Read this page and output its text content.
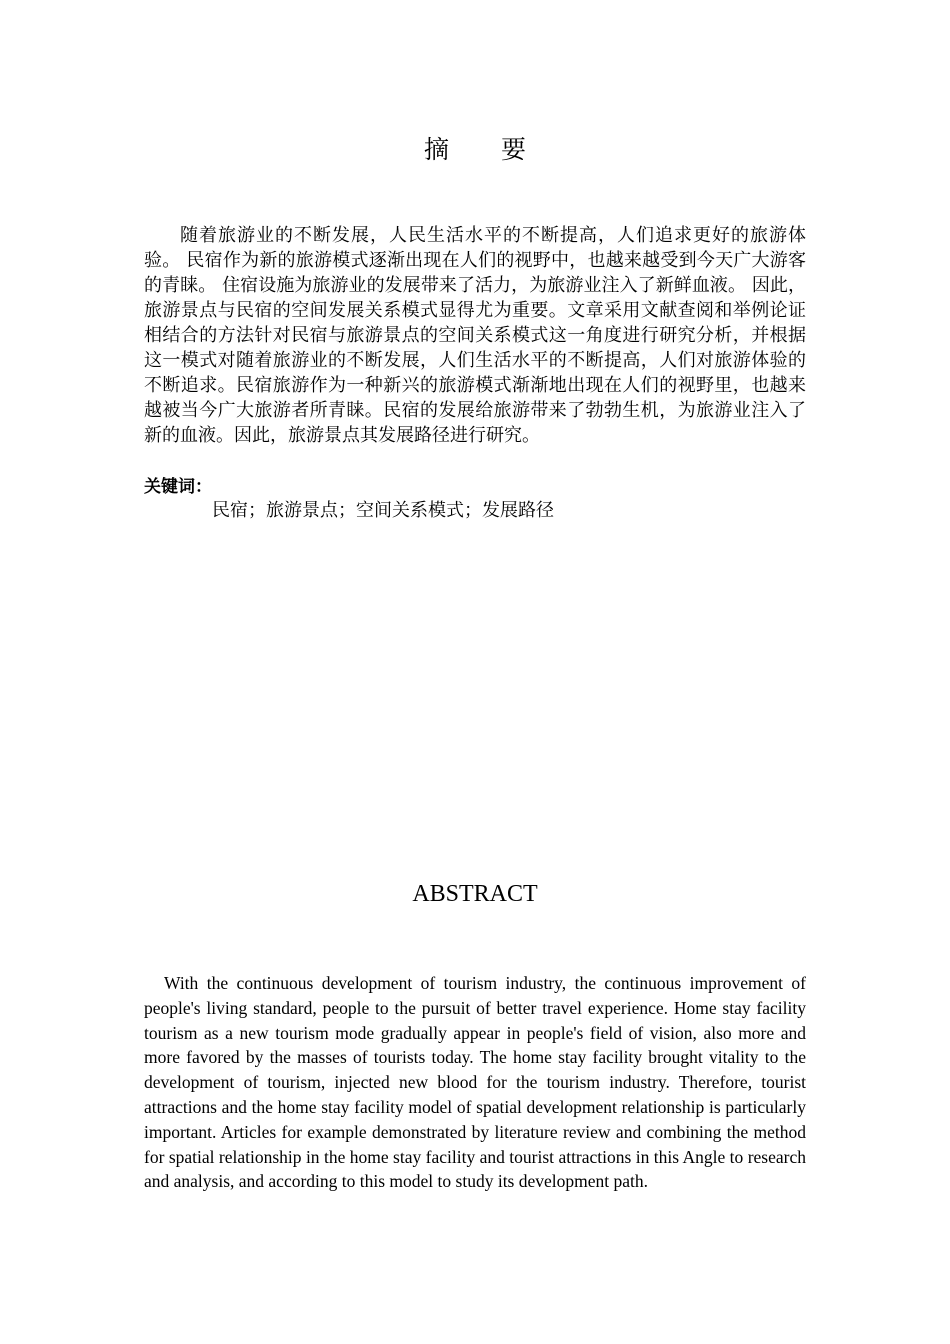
摘 要
随着旅游业的不断发展，人民生活水平的不断提高，人们追求更好的旅游体验。 民宿作为新的旅游模式逐渐出现在人们的视野中，也越来越受到今天广大游客的青睐。 住宿设施为旅游业的发展带来了活力，为旅游业注入了新鲜血液。 因此，旅游景点与民宿的空间发展关系模式显得尤为重要。文章采用文献查阅和举例论证相结合的方法针对民宿与旅游景点的空间关系模式这一角度进行研究分析，并根据这一模式对随着旅游业的不断发展，人们生活水平的不断提高，人们对旅游体验的不断追求。民宿旅游作为一种新兴的旅游模式渐渐地出现在人们的视野里，也越来越被当今广大旅游者所青睐。民宿的发展给旅游带来了勃勃生机，为旅游业注入了新的血液。因此，旅游景点其发展路径进行研究。
关键词：
民宿；旅游景点；空间关系模式；发展路径
ABSTRACT
With the continuous development of tourism industry, the continuous improvement of people's living standard, people to the pursuit of better travel experience. Home stay facility tourism as a new tourism mode gradually appear in people's field of vision, also more and more favored by the masses of tourists today. The home stay facility brought vitality to the development of tourism, injected new blood for the tourism industry. Therefore, tourist attractions and the home stay facility model of spatial development relationship is particularly important. Articles for example demonstrated by literature review and combining the method for spatial relationship in the home stay facility and tourist attractions in this Angle to research and analysis, and according to this model to study its development path.
